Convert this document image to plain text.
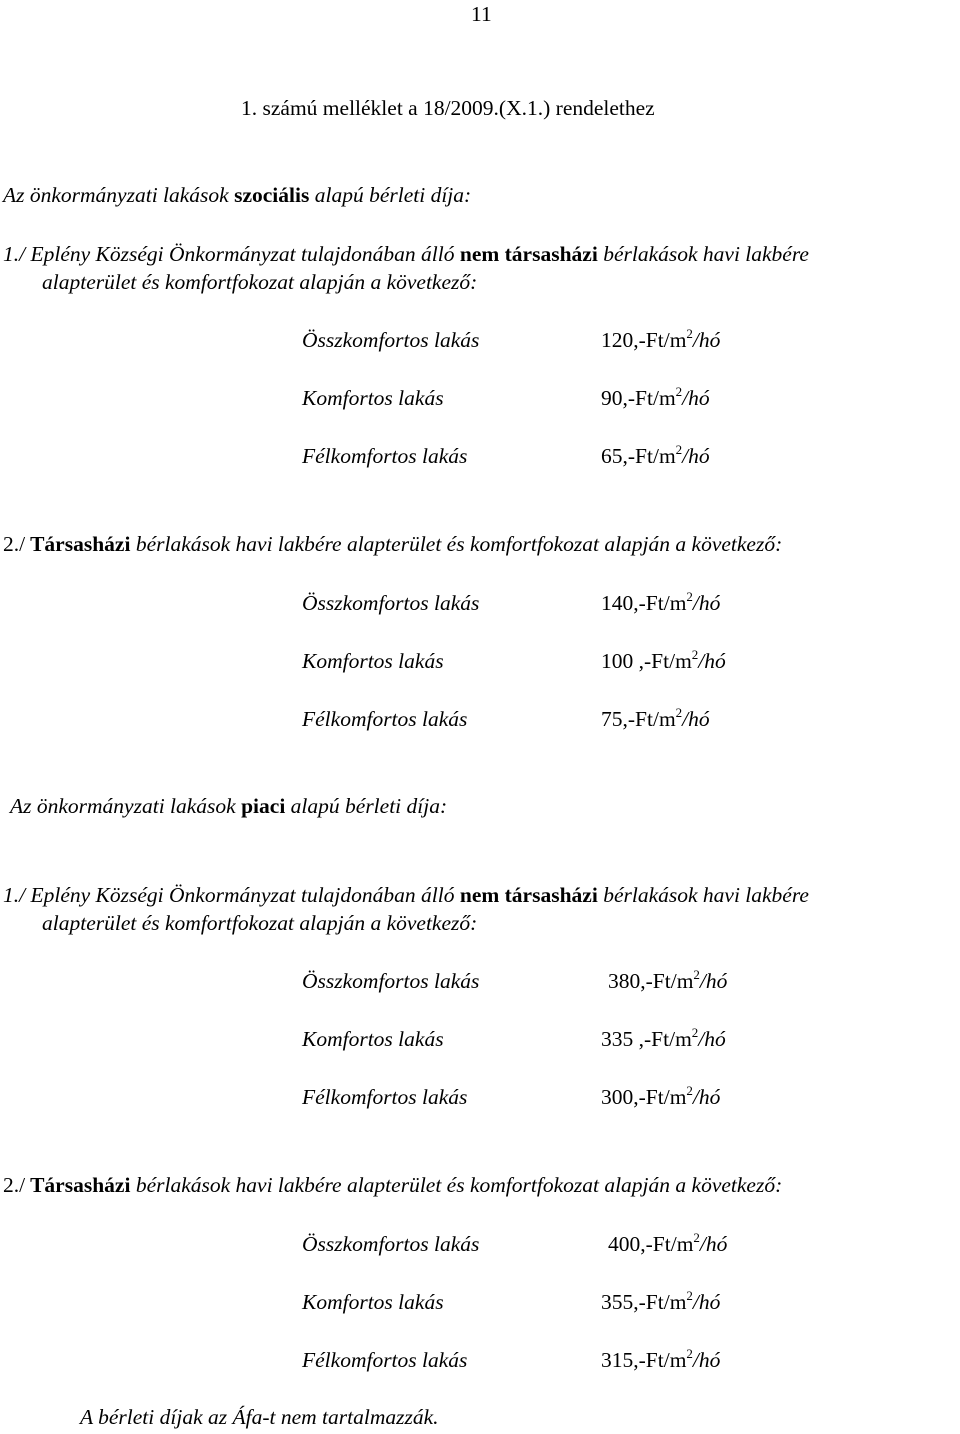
11
1. számú melléklet a 18/2009.(X.1.) rendelethez
Az önkormányzati lakások szociális alapú bérleti díja:
1./ Eplény Községi Önkormányzat tulajdonában álló nem társasházi bérlakások havi lakbére
alapterület és komfortfokozat alapján a következő:
Összkomfortos lakás	$120,-Ft/m^2/hó$
Komfortos lakás	$90,-Ft/m^2/hó$
Félkomfortos lakás	$65,-Ft/m^2/hó$
2./ Társasházi bérlakások havi lakbére alapterület és komfortfokozat alapján a következő:
Összkomfortos lakás	$140,-Ft/m^2/hó$
Komfortos lakás	100 $,-Ft/m^2/hó$
Félkomfortos lakás	$75,-Ft/m^2/hó$
Az önkormányzati lakások piaci alapú bérleti díja:
1./ Eplény Községi Önkormányzat tulajdonában álló nem társasházi bérlakások havi lakbére
alapterület és komfortfokozat alapján a következő:
Összkomfortos lakás	$380,-Ft/m^2/hó$
Komfortos lakás	335 $,-Ft/m^2/hó$
Félkomfortos lakás	$300,-Ft/m^2/hó$
2./ Társasházi bérlakások havi lakbére alapterület és komfortfokozat alapján a következő:
Összkomfortos lakás	$400,-Ft/m^2/hó$
Komfortos lakás	$355,-Ft/m^2/hó$
Félkomfortos lakás	$315,-Ft/m^2/hó$
A bérleti díjak az Áfa-t nem tartalmazzák.
